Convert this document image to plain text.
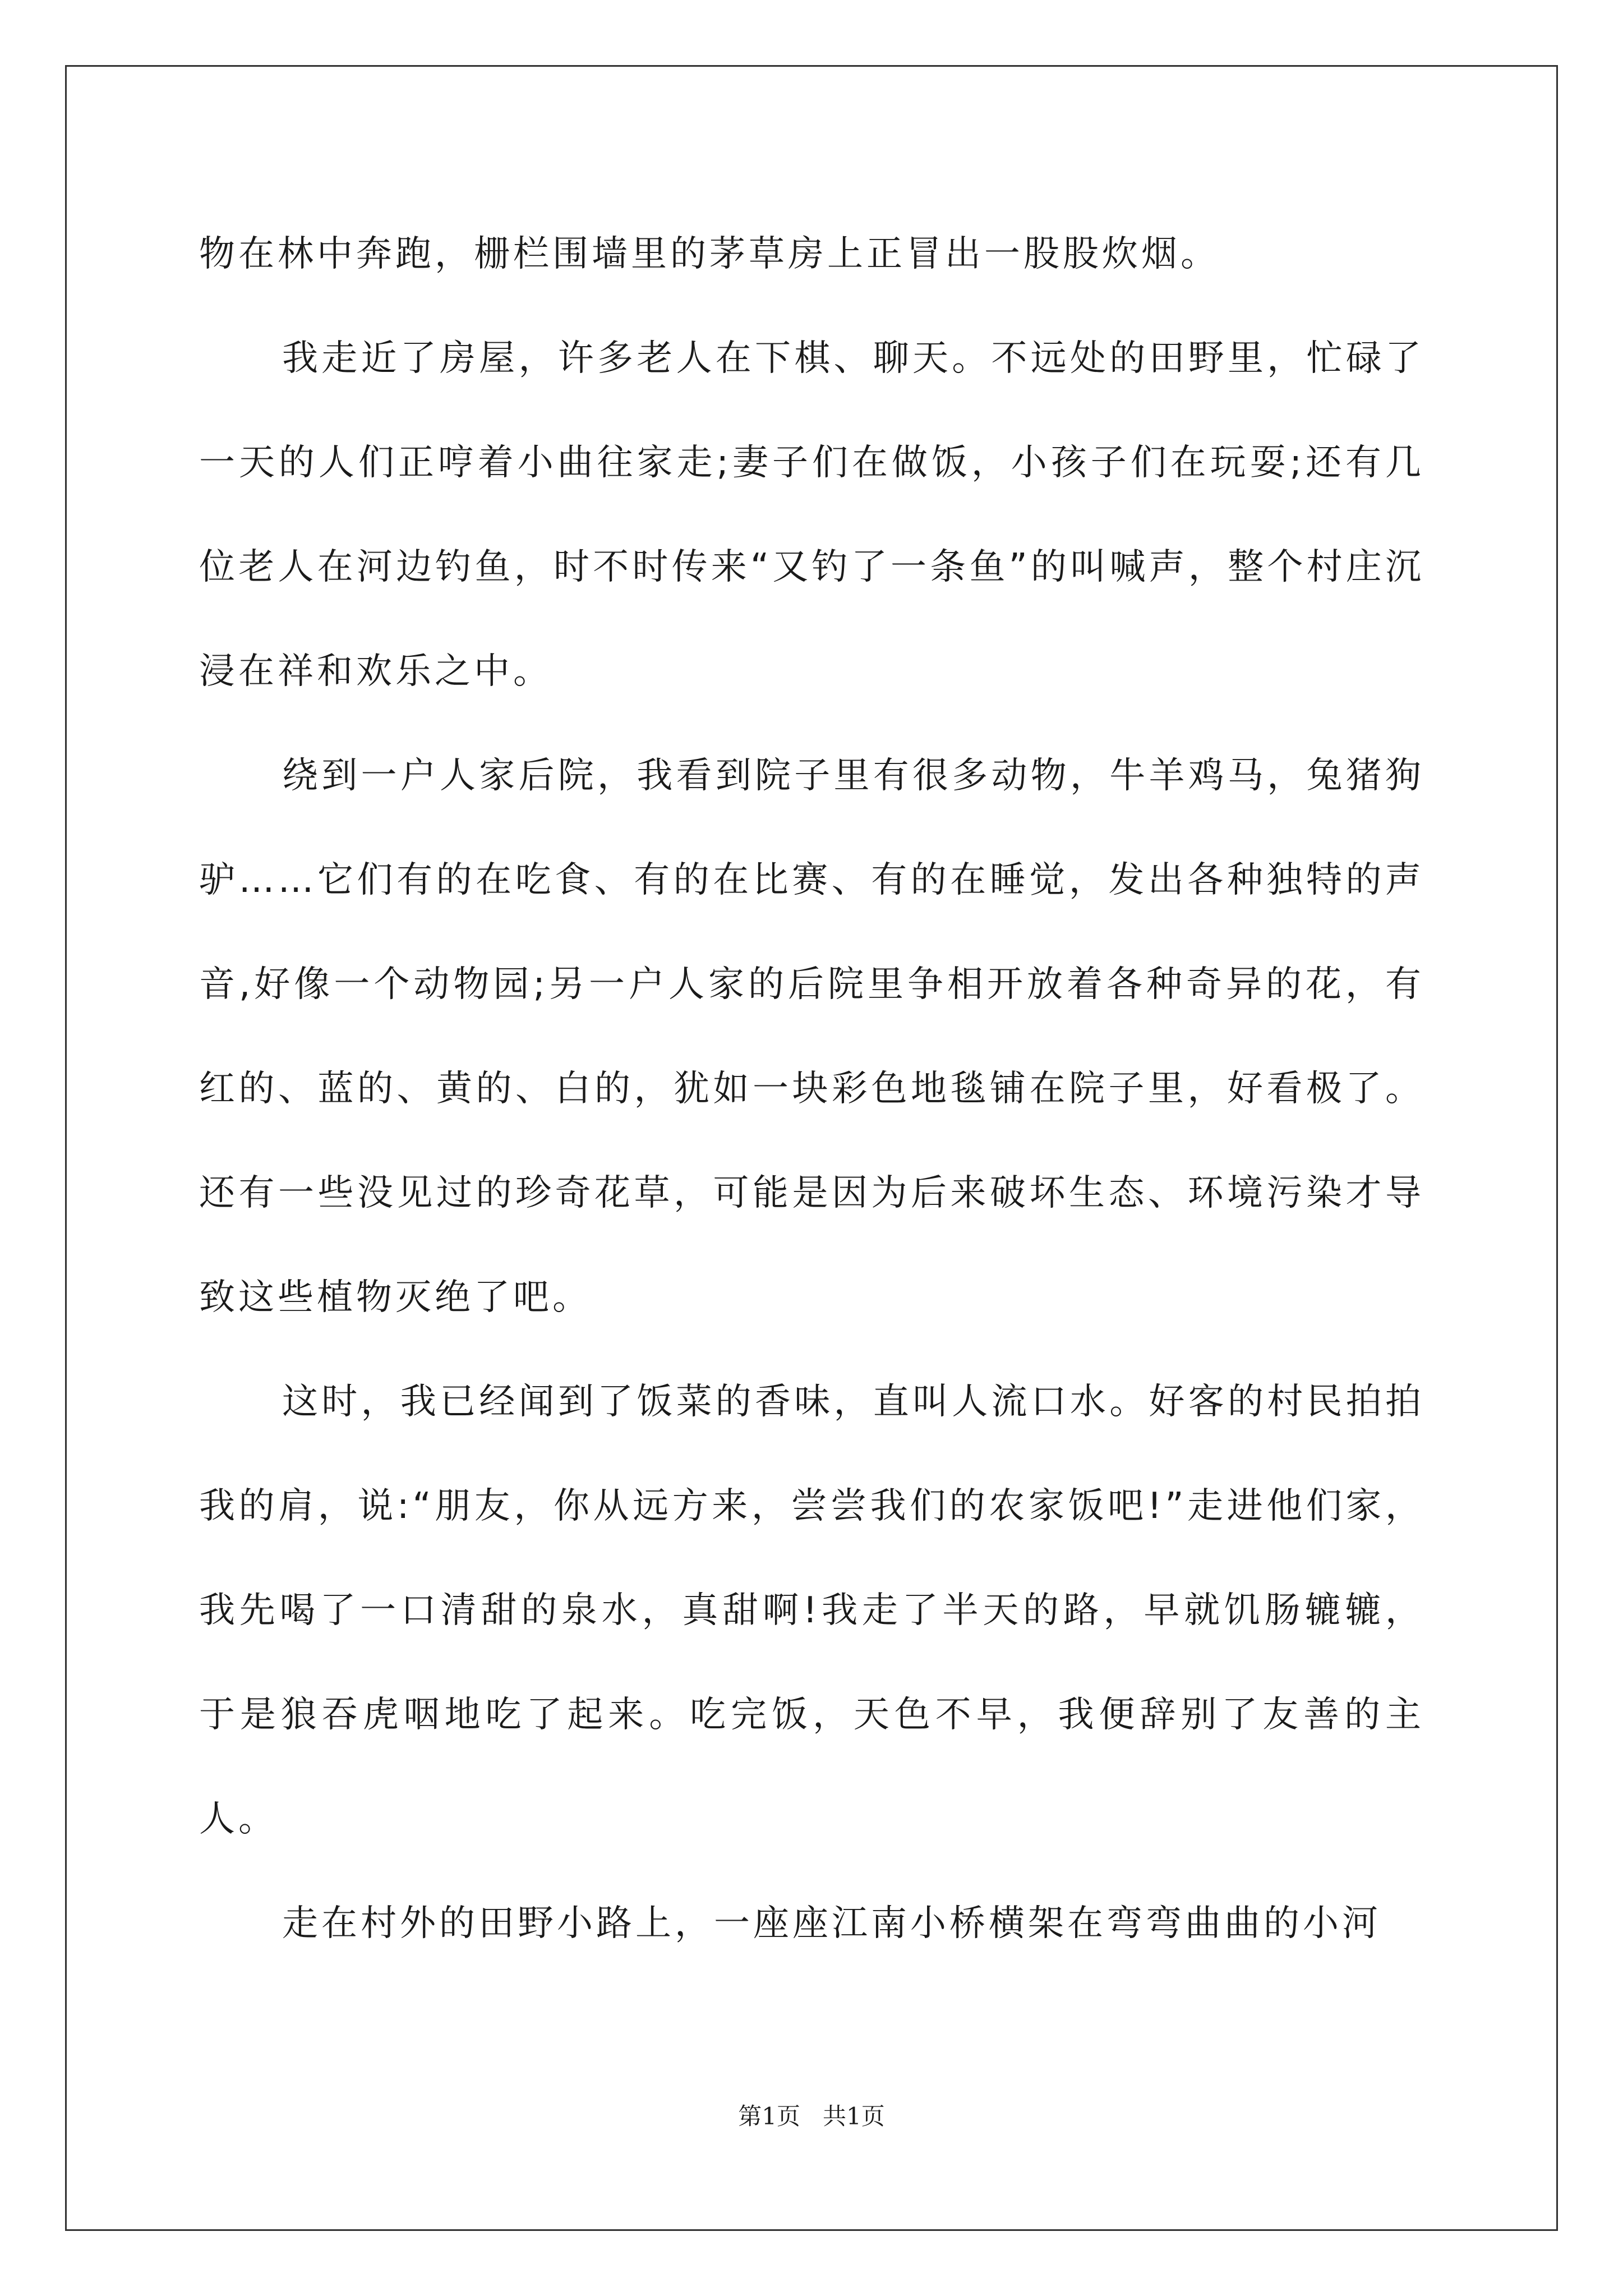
物在林中奔跑，栅栏围墙里的茅草房上正冒出一股股炊烟。

我走近了房屋，许多老人在下棋、聊天。不远处的田野里，忙碌了一天的人们正哼着小曲往家走;妻子们在做饭，小孩子们在玩耍;还有几位老人在河边钓鱼，时不时传来“又钓了一条鱼”的叫喊声，整个村庄沉浸在祥和欢乐之中。

绕到一户人家后院，我看到院子里有很多动物，牛羊鸡马，兔猪狗驴……它们有的在吃食、有的在比赛、有的在睡觉，发出各种独特的声音,好像一个动物园;另一户人家的后院里争相开放着各种奇异的花，有红的、蓝的、黄的、白的，犹如一块彩色地毯铺在院子里，好看极了。还有一些没见过的珍奇花草，可能是因为后来破坏生态、环境污染才导致这些植物灭绝了吧。

这时，我已经闻到了饭菜的香味，直叫人流口水。好客的村民拍拍我的肩，说:“朋友，你从远方来，尝尝我们的农家饭吧!”走进他们家，我先喝了一口清甜的泉水，真甜啊!我走了半天的路，早就饥肠辘辘，于是狼吞虎咽地吃了起来。吃完饭，天色不早，我便辞别了友善的主人。

走在村外的田野小路上，一座座江南小桥横架在弯弯曲曲的小河

第1页   共1页
